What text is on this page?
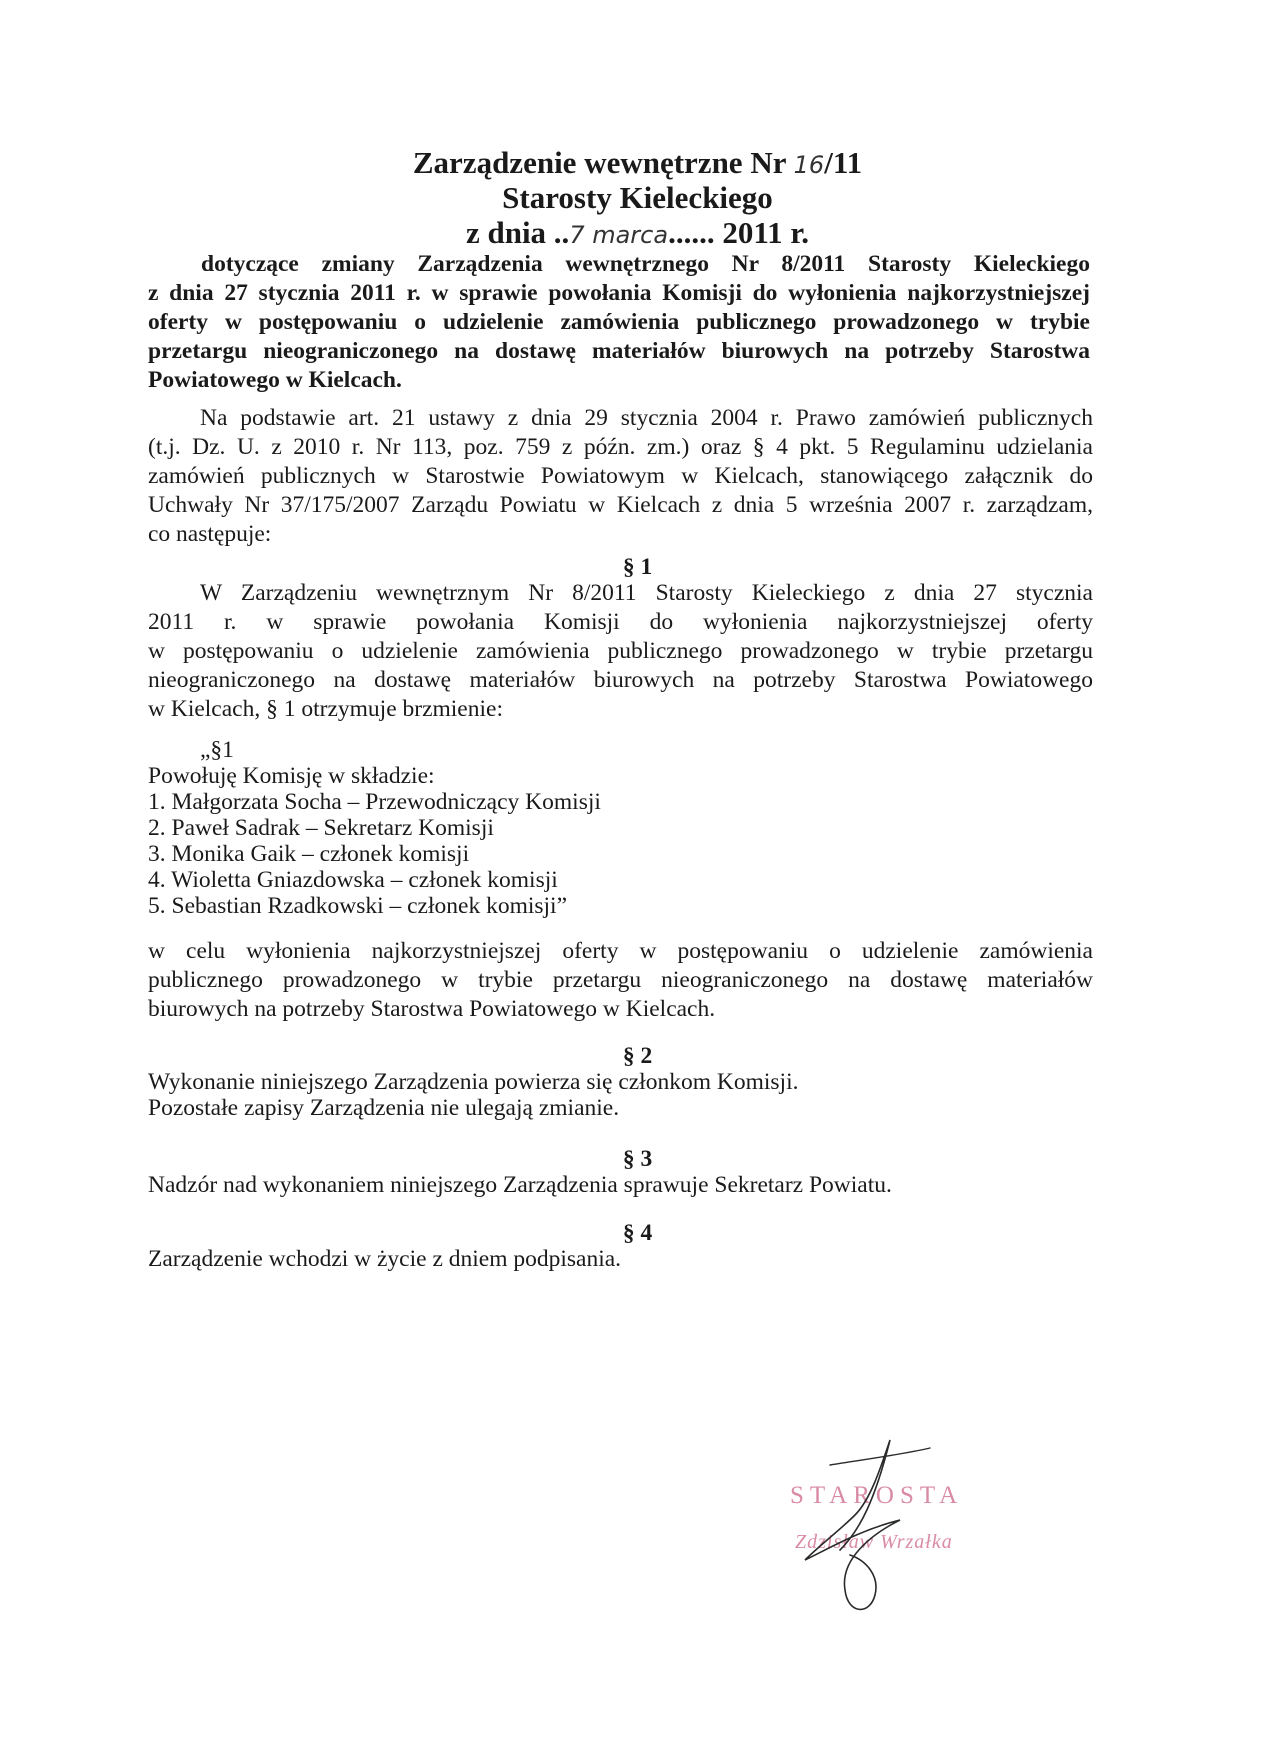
Zarządzenie wewnętrzne Nr 16/11
Starosty Kieleckiego
z dnia ..7 marca...... 2011 r.
dotyczące zmiany Zarządzenia wewnętrznego Nr 8/2011 Starosty Kieleckiego
z dnia 27 stycznia 2011 r. w sprawie powołania Komisji do wyłonienia najkorzystniejszej
oferty w postępowaniu o udzielenie zamówienia publicznego prowadzonego w trybie
przetargu nieograniczonego na dostawę materiałów biurowych na potrzeby Starostwa
Powiatowego w Kielcach.
Na podstawie art. 21 ustawy z dnia 29 stycznia 2004 r. Prawo zamówień publicznych
(t.j. Dz. U. z 2010 r. Nr 113, poz. 759 z późn. zm.) oraz § 4 pkt. 5 Regulaminu udzielania
zamówień publicznych w Starostwie Powiatowym w Kielcach, stanowiącego załącznik do
Uchwały Nr 37/175/2007 Zarządu Powiatu w Kielcach z dnia 5 września 2007 r. zarządzam,
co następuje:
§ 1
W Zarządzeniu wewnętrznym Nr 8/2011 Starosty Kieleckiego z dnia 27 stycznia
2011 r. w sprawie powołania Komisji do wyłonienia najkorzystniejszej oferty
w postępowaniu o udzielenie zamówienia publicznego prowadzonego w trybie przetargu
nieograniczonego na dostawę materiałów biurowych na potrzeby Starostwa Powiatowego
w Kielcach, § 1 otrzymuje brzmienie:
„§1
Powołuję Komisję w składzie:
1. Małgorzata Socha – Przewodniczący Komisji
2. Paweł Sadrak – Sekretarz Komisji
3. Monika Gaik – członek komisji
4. Wioletta Gniazdowska – członek komisji
5. Sebastian Rzadkowski – członek komisji”
w celu wyłonienia najkorzystniejszej oferty w postępowaniu o udzielenie zamówienia
publicznego prowadzonego w trybie przetargu nieograniczonego na dostawę materiałów
biurowych na potrzeby Starostwa Powiatowego w Kielcach.
§ 2
Wykonanie niniejszego Zarządzenia powierza się członkom Komisji.
Pozostałe zapisy Zarządzenia nie ulegają zmianie.
§ 3
Nadzór nad wykonaniem niniejszego Zarządzenia sprawuje Sekretarz Powiatu.
§ 4
Zarządzenie wchodzi w życie z dniem podpisania.
STAROSTA
Zdzisław Wrzałka
